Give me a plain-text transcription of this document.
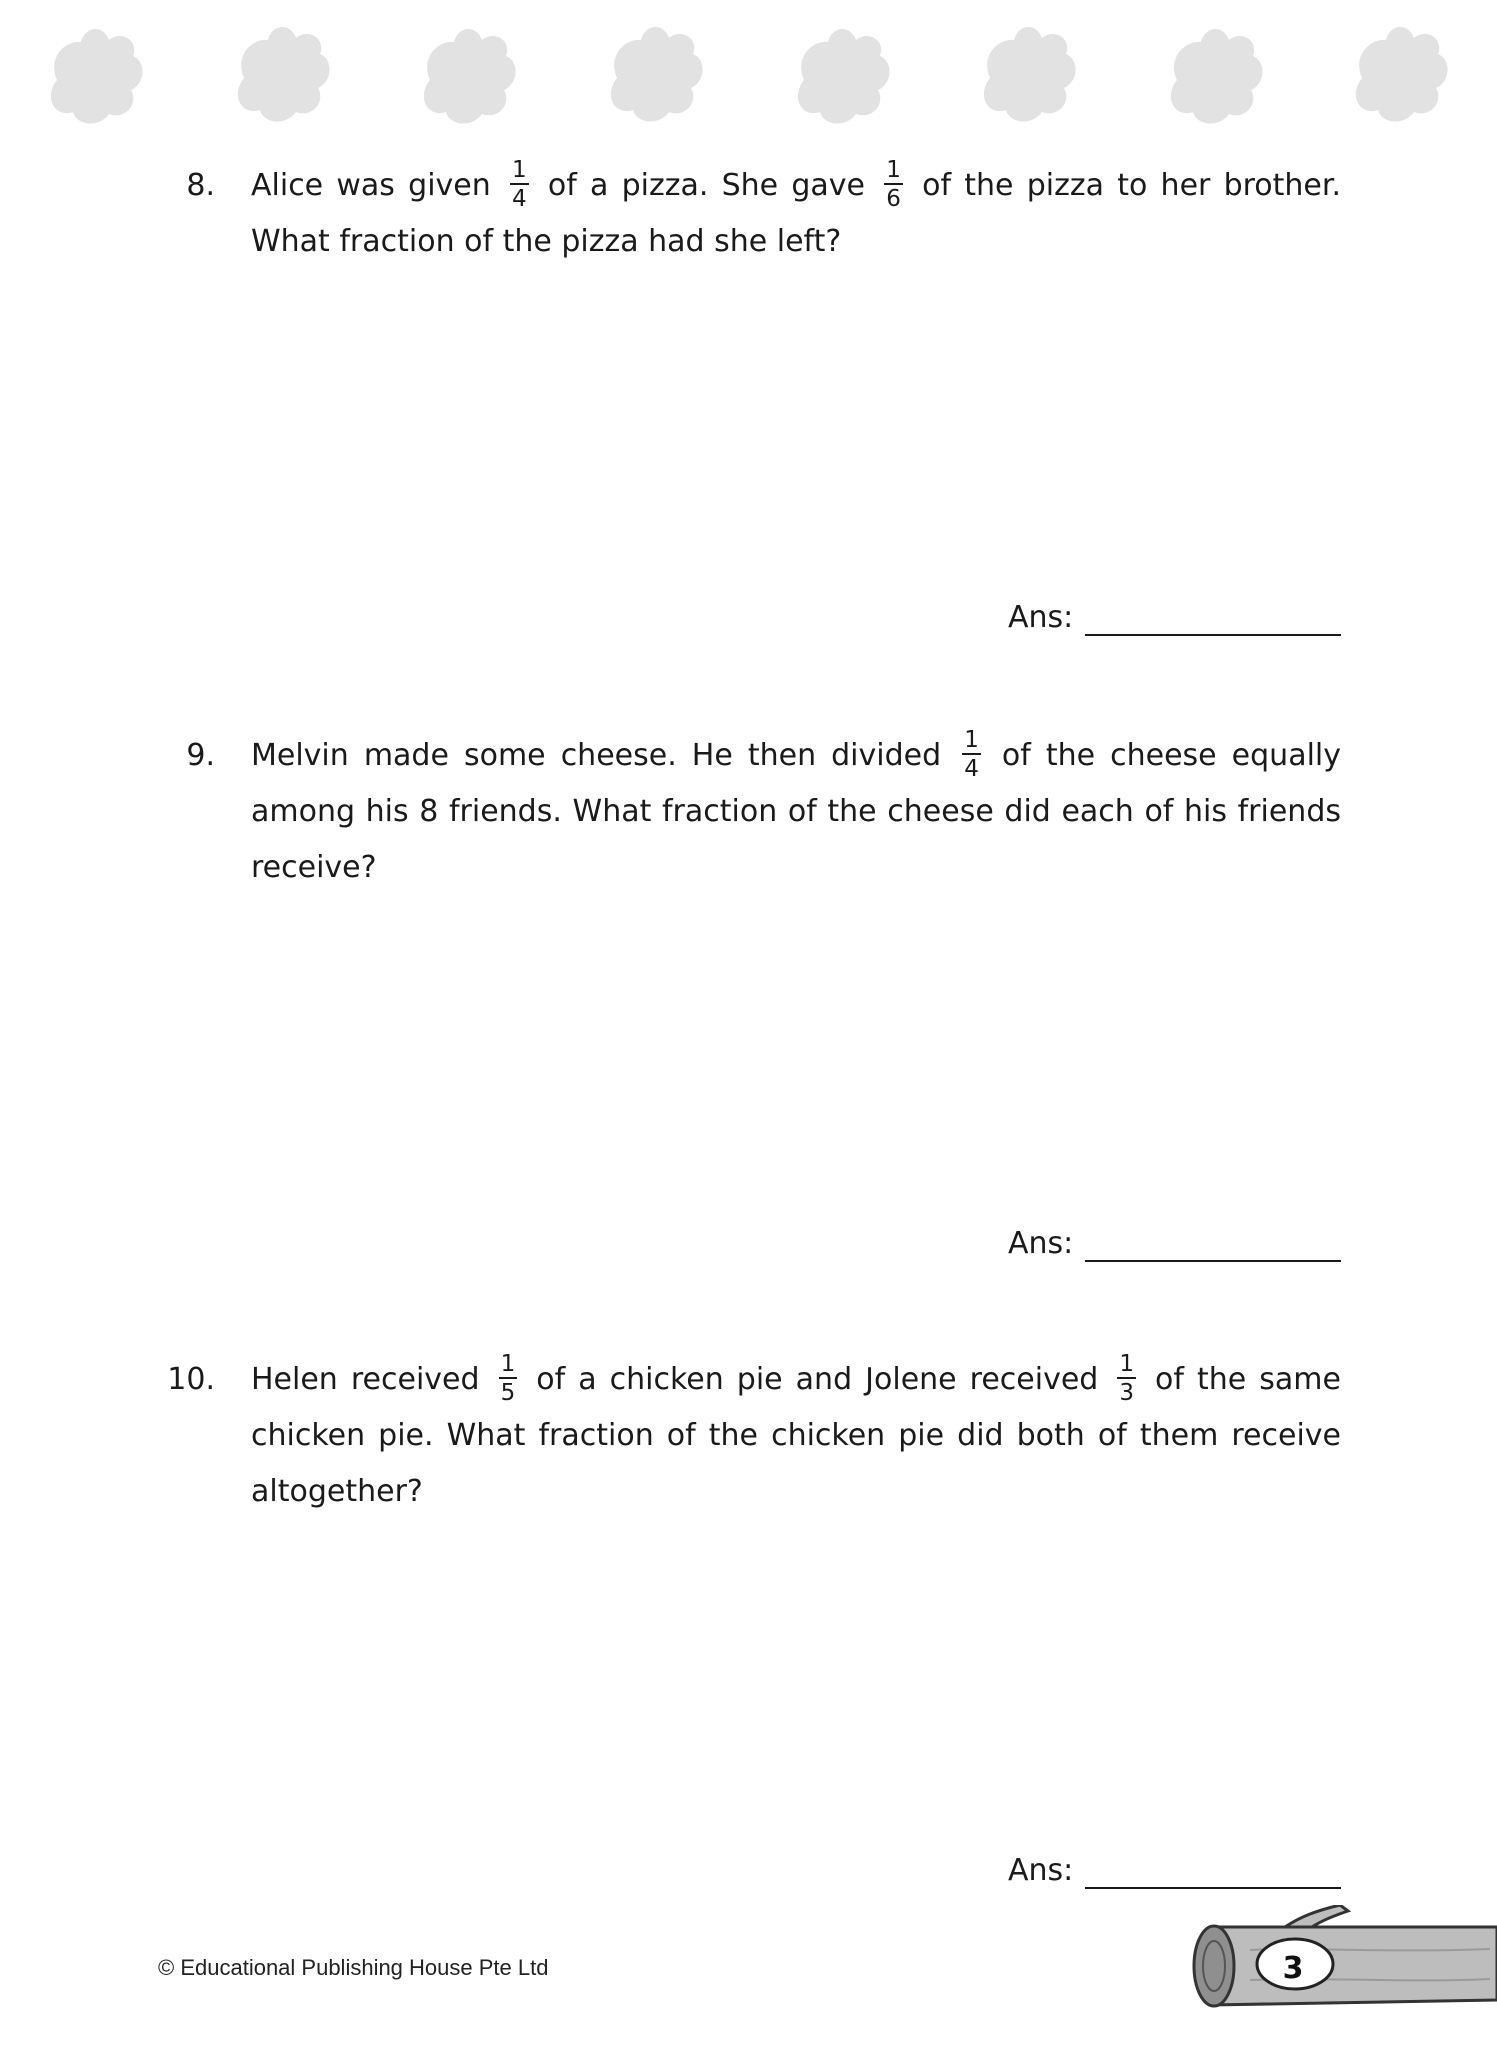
8. Alice was given $\frac{1}{4}$ of a pizza. She gave $\frac{1}{6}$ of the pizza to her brother. What fraction of the pizza had she left?
Ans:
9. Melvin made some cheese. He then divided $\frac{1}{4}$ of the cheese equally among his 8 friends. What fraction of the cheese did each of his friends receive?
Ans:
10. Helen received $\frac{1}{5}$ of a chicken pie and Jolene received $\frac{1}{3}$ of the same chicken pie. What fraction of the chicken pie did both of them receive altogether?
Ans:
© Educational Publishing House Pte Ltd	3
